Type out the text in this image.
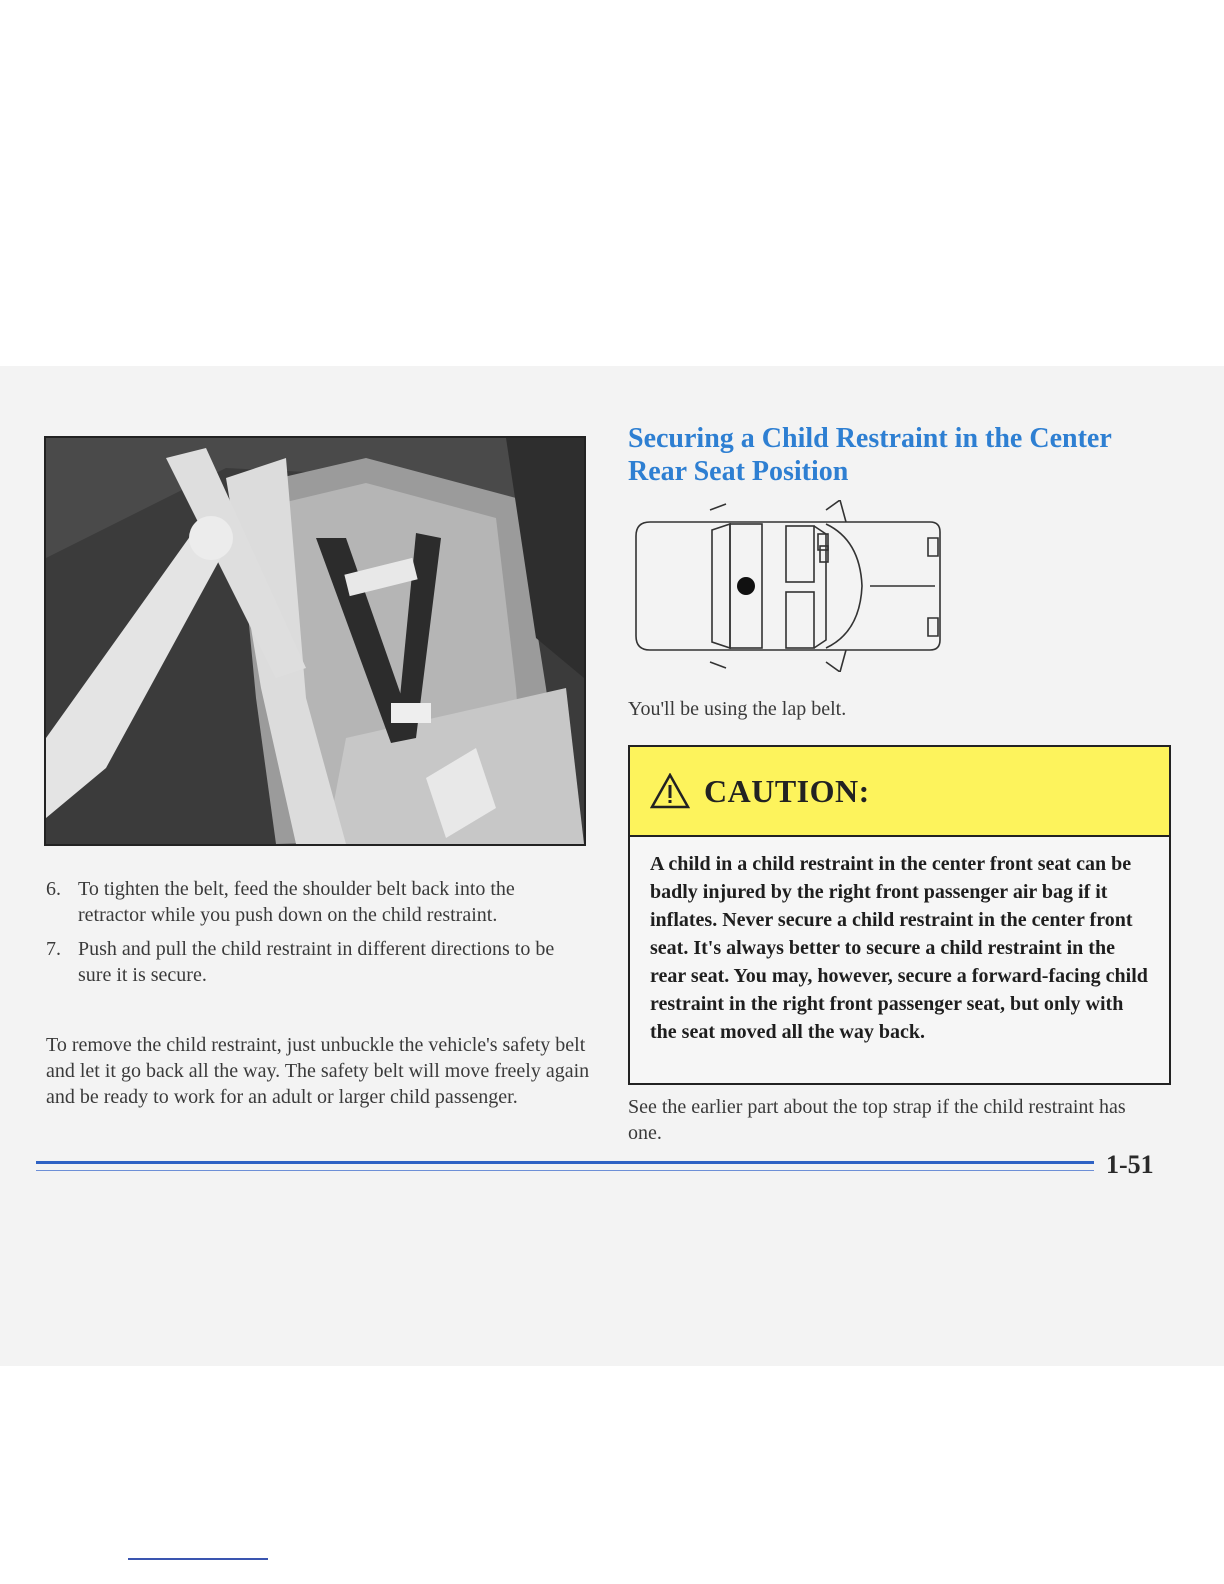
6. To tighten the belt, feed the shoulder belt back into the retractor while you push down on the child restraint.
7. Push and pull the child restraint in different directions to be sure it is secure.
To remove the child restraint, just unbuckle the vehicle's safety belt and let it go back all the way. The safety belt will move freely again and be ready to work for an adult or larger child passenger.
Securing a Child Restraint in the Center Rear Seat Position
You'll be using the lap belt.
CAUTION:
A child in a child restraint in the center front seat can be badly injured by the right front passenger air bag if it inflates. Never secure a child restraint in the center front seat. It's always better to secure a child restraint in the rear seat. You may, however, secure a forward-facing child restraint in the right front passenger seat, but only with the seat moved all the way back.
See the earlier part about the top strap if the child restraint has one.
1-51
